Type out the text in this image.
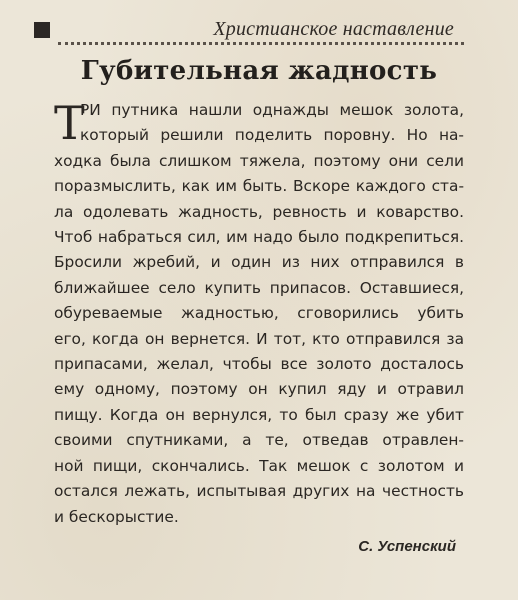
Христианское наставление
Губительная жадность
Т
РИ путника нашли однажды мешок золота,
который решили поделить поровну. Но на-
ходка была слишком тяжела, поэтому они сели
поразмыслить, как им быть. Вскоре каждого ста-
ла одолевать жадность, ревность и коварство.
Чтоб набраться сил, им надо было подкрепиться.
Бросили жребий, и один из них отправился в
ближайшее село купить припасов. Оставшиеся,
обуреваемые жадностью, сговорились убить
его, когда он вернется. И тот, кто отправился за
припасами, желал, чтобы все золото досталось
ему одному, поэтому он купил яду и отравил
пищу. Когда он вернулся, то был сразу же убит
своими спутниками, а те, отведав отравлен-
ной пищи, скончались. Так мешок с золотом и
остался лежать, испытывая других на честность
и бескорыстие.
С. Успенский
